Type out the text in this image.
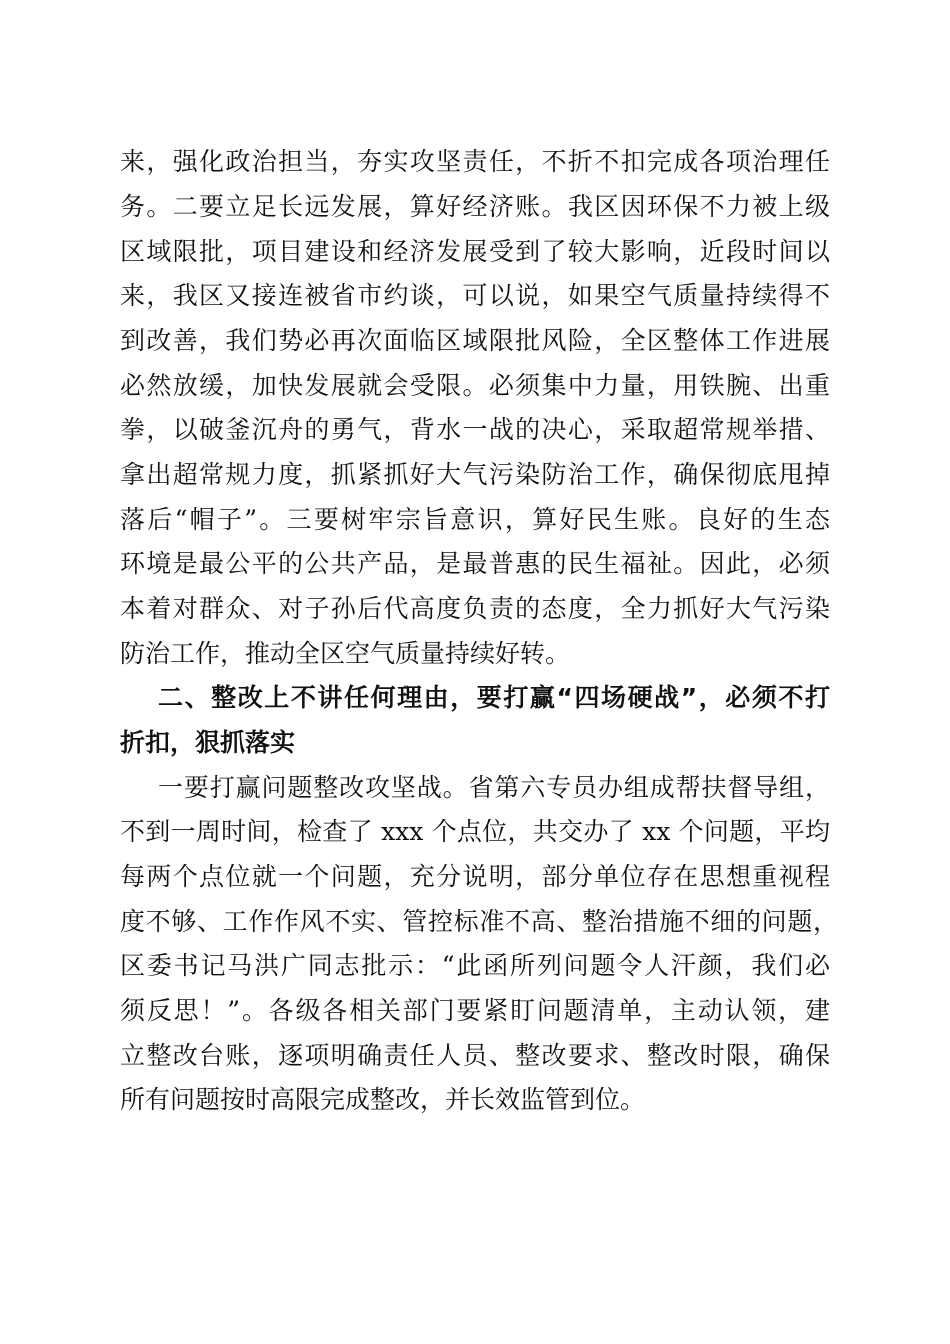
来，强化政治担当，夯实攻坚责任，不折不扣完成各项治理任
务。二要立足长远发展，算好经济账。我区因环保不力被上级
区域限批，项目建设和经济发展受到了较大影响，近段时间以
来，我区又接连被省市约谈，可以说，如果空气质量持续得不
到改善，我们势必再次面临区域限批风险，全区整体工作进展
必然放缓，加快发展就会受限。必须集中力量，用铁腕、出重
拳，以破釜沉舟的勇气，背水一战的决心，采取超常规举措、
拿出超常规力度，抓紧抓好大气污染防治工作，确保彻底甩掉
落后“帽子”。三要树牢宗旨意识，算好民生账。良好的生态
环境是最公平的公共产品，是最普惠的民生福祉。因此，必须
本着对群众、对子孙后代高度负责的态度，全力抓好大气污染
防治工作，推动全区空气质量持续好转。
二、整改上不讲任何理由，要打赢“四场硬战”，必须不打
折扣，狠抓落实
一要打赢问题整改攻坚战。省第六专员办组成帮扶督导组，
不到一周时间，检查了 xxx 个点位，共交办了 xx 个问题，平均
每两个点位就一个问题，充分说明，部分单位存在思想重视程
度不够、工作作风不实、管控标准不高、整治措施不细的问题，
区委书记马洪广同志批示：“此函所列问题令人汗颜，我们必
须反思！”。各级各相关部门要紧盯问题清单，主动认领，建
立整改台账，逐项明确责任人员、整改要求、整改时限，确保
所有问题按时高限完成整改，并长效监管到位。
